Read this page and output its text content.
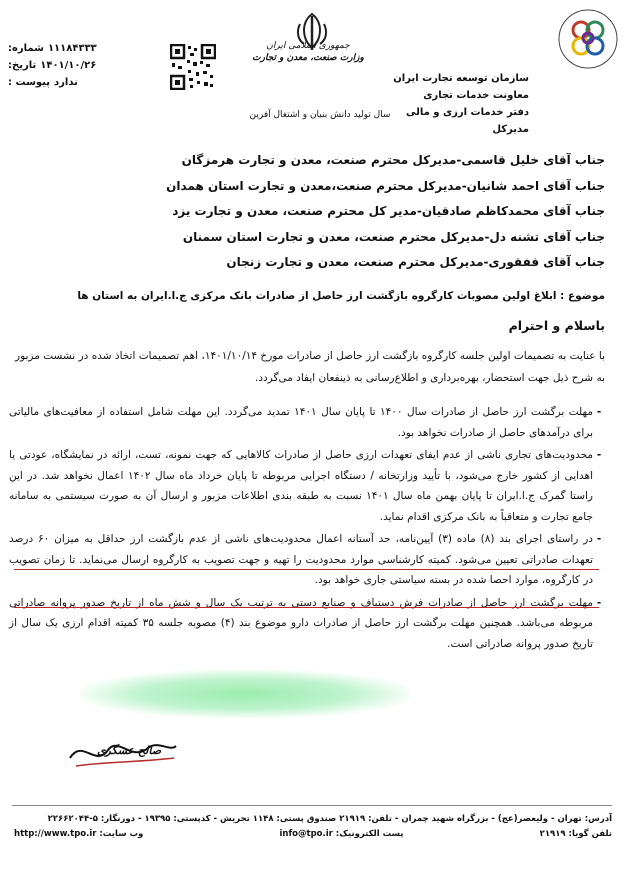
سازمان توسعه تجارت ایران
معاونت خدمات تجاری
دفتر خدمات ارزی و مالی
مدیرکل
جمهوری اسلامی ایران
وزارت صنعت، معدن و تجارت
سال تولید دانش بنیان و اشتغال آفرین
شماره: ۱۱۱۸۴۳۳۳
تاریخ: ۱۴۰۱/۱۰/۲۶
پیوست : ندارد
جناب آقای خلیل قاسمی-مدیرکل محترم صنعت، معدن و تجارت هرمزگان
جناب آقای احمد شانیان-مدیرکل محترم صنعت،معدن و تجارت استان همدان
جناب آقای محمدکاظم صادقیان-مدیر کل محترم صنعت، معدن و تجارت یزد
جناب آقای تشنه دل-مدیرکل محترم صنعت، معدن و تجارت استان سمنان
جناب آقای ففقوری-مدیرکل محترم صنعت، معدن و تجارت زنجان
موضوع : ابلاغ اولین مصوبات کارگروه بازگشت ارز حاصل از صادرات بانک مرکزی ج.ا.ایران به استان ها
باسلام و احترام
با عنایت به تصمیمات اولین جلسه کارگروه بازگشت ارز حاصل از صادرات مورخ ۱۴۰۱/۱۰/۱۴، اهم تصمیمات اتخاذ شده در نشست مزبور به شرح ذیل جهت استحضار، بهره‌برداری و اطلاع‌رسانی به ذینفعان ایفاد می‌گردد.
-
مهلت برگشت ارز حاصل از صادرات سال ۱۴۰۰ تا پایان سال ۱۴۰۱ تمدید می‌گردد. این مهلت شامل استفاده از معافیت‌های مالیاتی برای درآمدهای حاصل از صادرات نخواهد بود.
-
محدودیت‌های تجاری ناشی از عدم ایفای تعهدات ارزی حاصل از صادرات کالاهایی که جهت نمونه، تست، ارائه در نمایشگاه، عودتی یا اهدایی از کشور خارج می‌شود، با تأیید وزارتخانه / دستگاه اجرایی مربوطه تا پایان خرداد ماه سال ۱۴۰۲ اعمال نخواهد شد. در این راستا گمرک ج.ا.ایران تا پایان بهمن ماه سال ۱۴۰۱ نسبت به طبقه بندی اطلاعات مزبور و ارسال آن به صورت سیستمی به سامانه جامع تجارت و متعاقباً به بانک مرکزی اقدام نماید.
-
در راستای اجرای بند (۸) ماده (۳) آیین‌نامه، حد آستانه اعمال محدودیت‌های ناشی از عدم بازگشت ارز حداقل به میزان ۶۰ درصد تعهدات صادراتی تعیین می‌شود. کمیته کارشناسی موارد محدودیت را تهیه و جهت تصویب به کارگروه ارسال می‌نماید. تا زمان تصویب در کارگروه، موارد احصا شده در بسته سیاستی جاری خواهد بود.
-
مهلت برگشت ارز حاصل از صادرات فرش دستباف و صنایع دستی به ترتیب یک سال و شش ماه از تاریخ صدور پروانه صادراتی مربوطه می‌باشد. همچنین مهلت برگشت ارز حاصل از صادرات دارو موضوع بند (۴) مصوبه جلسه ۳۵ کمیته اقدام ارزی یک سال از تاریخ صدور پروانه صادراتی است.
صالح عسگری
آدرس: تهران - ولیعصر(عج) - بزرگراه شهید چمران - تلفن: ۲۱۹۱۹ صندوق پستی: ۱۱۴۸ تجریش - کدپستی: ۱۹۳۹۵ - دورنگار: ۵-۲۲۶۶۲۰۴۴
وب سایت: http://www.tpo.ir	پست الکترونیک: info@tpo.ir	تلفن گویا: ۲۱۹۱۹
